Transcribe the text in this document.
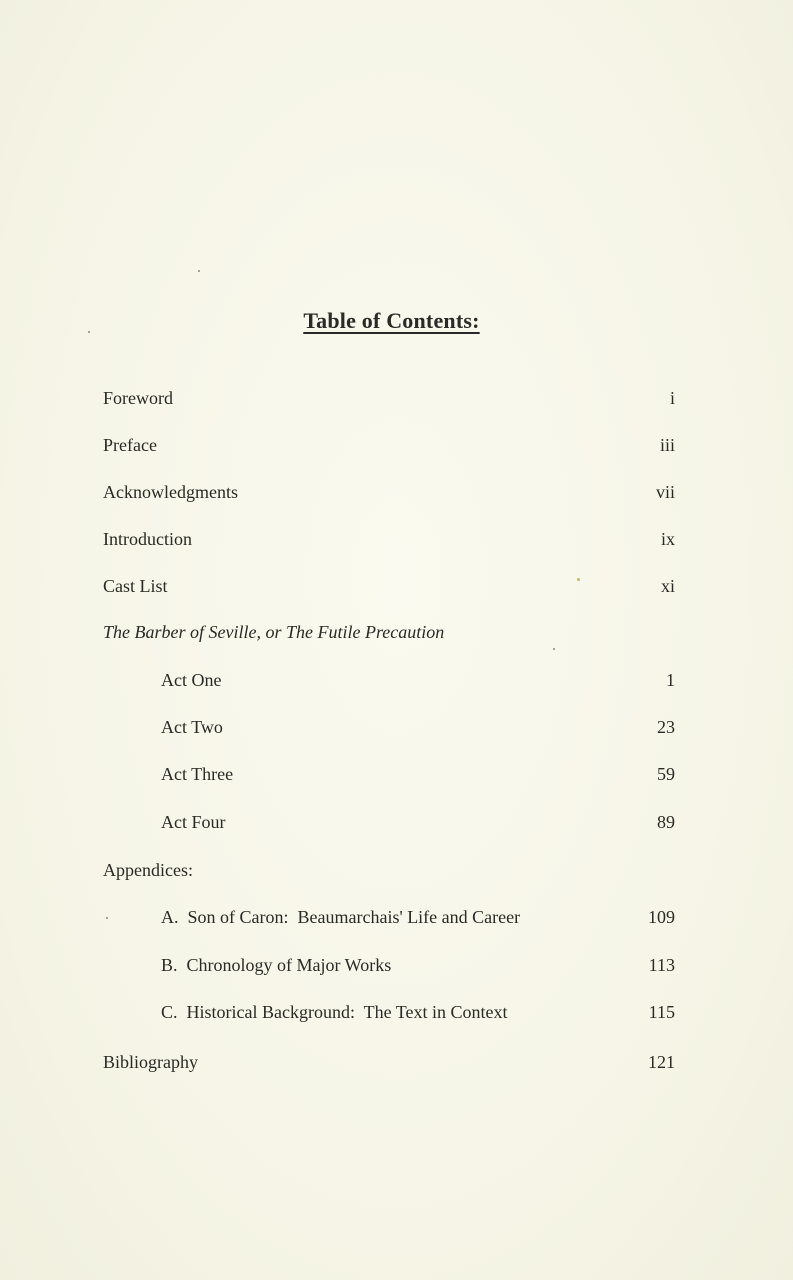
Table of Contents:
Foreword	i
Preface	iii
Acknowledgments	vii
Introduction	ix
Cast List	xi
The Barber of Seville, or The Futile Precaution
Act One	1
Act Two	23
Act Three	59
Act Four	89
Appendices:
A.  Son of Caron:  Beaumarchais' Life and Career	109
B.  Chronology of Major Works	113
C.  Historical Background:  The Text in Context	115
Bibliography	121
